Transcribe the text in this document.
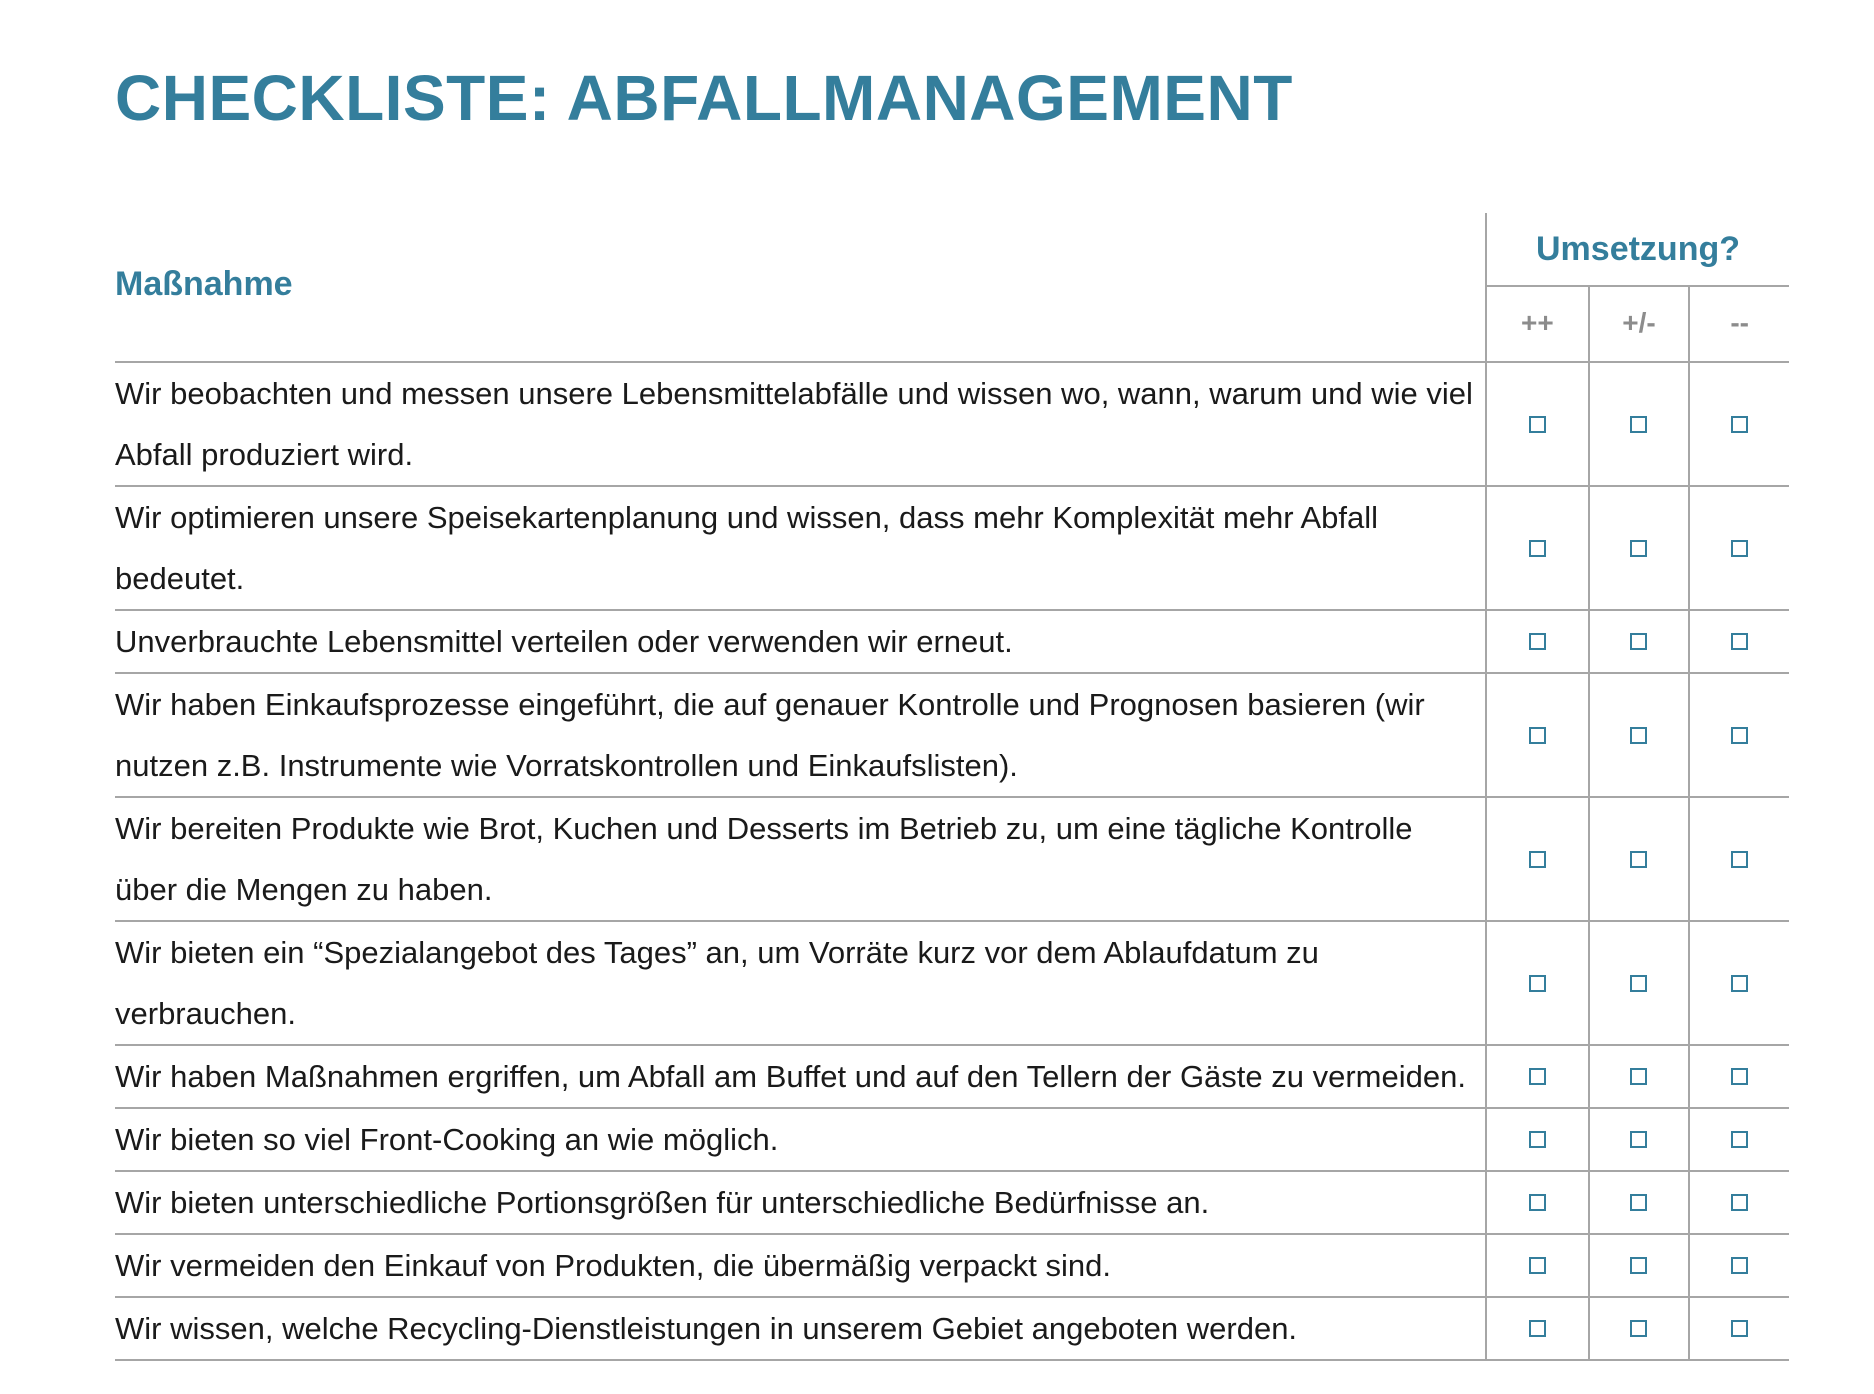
CHECKLISTE: ABFALLMANAGEMENT
Maßnahme
Umsetzung?
++	+/-	--
Wir beobachten und messen unsere Lebensmittelabfälle und wissen wo, wann, warum und wie viel Abfall produziert wird.
Wir optimieren unsere Speisekartenplanung und wissen, dass mehr Komplexität mehr Abfall bedeutet.
Unverbrauchte Lebensmittel verteilen oder verwenden wir erneut.
Wir haben Einkaufsprozesse eingeführt, die auf genauer Kontrolle und Prognosen basieren (wir nutzen z.B. Instrumente wie Vorratskontrollen und Einkaufslisten).
Wir bereiten Produkte wie Brot, Kuchen und Desserts im Betrieb zu, um eine tägliche Kontrolle über die Mengen zu haben.
Wir bieten ein “Spezialangebot des Tages” an, um Vorräte kurz vor dem Ablaufdatum zu verbrauchen.
Wir haben Maßnahmen ergriffen, um Abfall am Buffet und auf den Tellern der Gäste zu vermeiden.
Wir bieten so viel Front-Cooking an wie möglich.
Wir bieten unterschiedliche Portionsgrößen für unterschiedliche Bedürfnisse an.
Wir vermeiden den Einkauf von Produkten, die übermäßig verpackt sind.
Wir wissen, welche Recycling-Dienstleistungen in unserem Gebiet angeboten werden.
